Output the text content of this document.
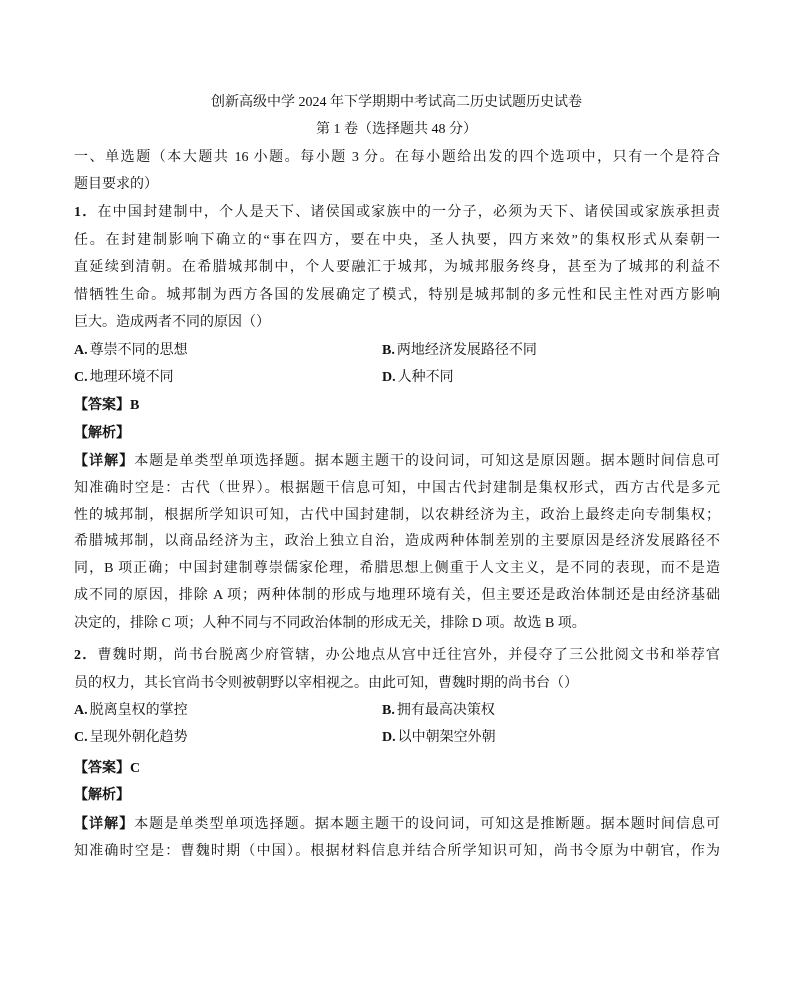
创新高级中学 2024 年下学期期中考试高二历史试题历史试卷
第 1 卷（选择题共 48 分）
一、单选题（本大题共 16 小题。每小题 3 分。在每小题给出发的四个选项中，只有一个是符合
题目要求的）
1．在中国封建制中，个人是天下、诸侯国或家族中的一分子，必须为天下、诸侯国或家族承担责
任。在封建制影响下确立的“事在四方，要在中央，圣人执要，四方来效”的集权形式从秦朝一
直延续到清朝。在希腊城邦制中，个人要融汇于城邦，为城邦服务终身，甚至为了城邦的利益不
惜牺牲生命。城邦制为西方各国的发展确定了模式，特别是城邦制的多元性和民主性对西方影响
巨大。造成两者不同的原因（）
A. 尊崇不同的思想	B. 两地经济发展路径不同
C. 地理环境不同	D. 人种不同
【答案】B
【解析】
【详解】本题是单类型单项选择题。据本题主题干的设问词，可知这是原因题。据本题时间信息可
知准确时空是：古代（世界）。根据题干信息可知，中国古代封建制是集权形式，西方古代是多元
性的城邦制，根据所学知识可知，古代中国封建制，以农耕经济为主，政治上最终走向专制集权；
希腊城邦制，以商品经济为主，政治上独立自治，造成两种体制差别的主要原因是经济发展路径不
同，B 项正确；中国封建制尊崇儒家伦理，希腊思想上侧重于人文主义，是不同的表现，而不是造
成不同的原因，排除 A 项；两种体制的形成与地理环境有关，但主要还是政治体制还是由经济基础
决定的，排除 C 项；人种不同与不同政治体制的形成无关，排除 D 项。故选 B 项。
2．曹魏时期，尚书台脱离少府管辖，办公地点从宫中迁往宫外，并侵夺了三公批阅文书和举荐官
员的权力，其长官尚书令则被朝野以宰相视之。由此可知，曹魏时期的尚书台（）
A. 脱离皇权的掌控	B. 拥有最高决策权
C. 呈现外朝化趋势	D. 以中朝架空外朝
【答案】C
【解析】
【详解】本题是单类型单项选择题。据本题主题干的设问词，可知这是推断题。据本题时间信息可
知准确时空是：曹魏时期（中国）。根据材料信息并结合所学知识可知，尚书令原为中朝官，作为
